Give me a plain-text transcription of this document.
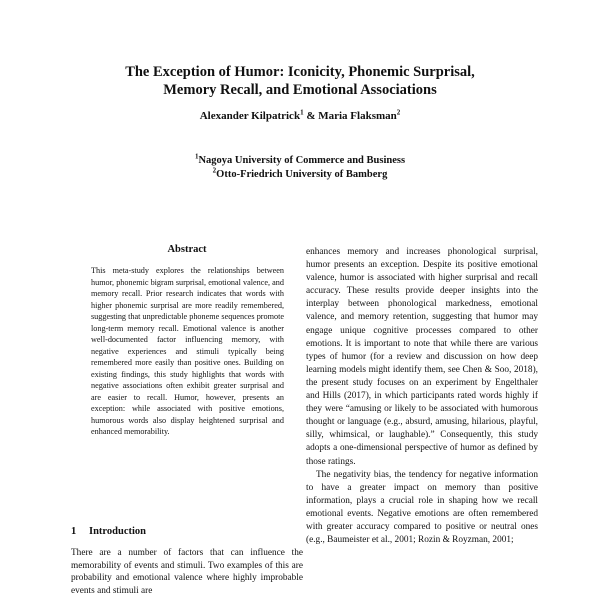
The Exception of Humor: Iconicity, Phonemic Surprisal,
Memory Recall, and Emotional Associations
Alexander Kilpatrick$^1$ & Maria Flaksman$^2$
$^1$Nagoya University of Commerce and Business
$^2$Otto-Friedrich University of Bamberg
Abstract

This meta-study explores the relationships between humor, phonemic bigram surprisal, emotional valence, and memory recall. Prior research indicates that words with higher phonemic surprisal are more readily remembered, suggesting that unpredictable phoneme sequences promote long-term memory recall. Emotional valence is another well-documented factor influencing memory, with negative experiences and stimuli typically being remembered more easily than positive ones. Building on existing findings, this study highlights that words with negative associations often exhibit greater surprisal and are easier to recall. Humor, however, presents an exception: while associated with positive emotions, humorous words also display heightened surprisal and enhanced memorability.

1 Introduction

There are a number of factors that can influence the memorability of events and stimuli. Two examples of this are probability and emotional valence where highly improbable events and stimuli are

enhances memory and increases phonological surprisal, humor presents an exception. Despite its positive emotional valence, humor is associated with higher surprisal and recall accuracy. These results provide deeper insights into the interplay between phonological markedness, emotional valence, and memory retention, suggesting that humor may engage unique cognitive processes compared to other emotions. It is important to note that while there are various types of humor (for a review and discussion on how deep learning models might identify them, see Chen & Soo, 2018), the present study focuses on an experiment by Engelthaler and Hills (2017), in which participants rated words highly if they were “amusing or likely to be associated with humorous thought or language (e.g., absurd, amusing, hilarious, playful, silly, whimsical, or laughable).” Consequently, this study adopts a one-dimensional perspective of humor as defined by those ratings.

The negativity bias, the tendency for negative information to have a greater impact on memory than positive information, plays a crucial role in shaping how we recall emotional events. Negative emotions are often remembered with greater accuracy compared to positive or neutral ones (e.g., Baumeister et al., 2001; Rozin & Royzman, 2001;
